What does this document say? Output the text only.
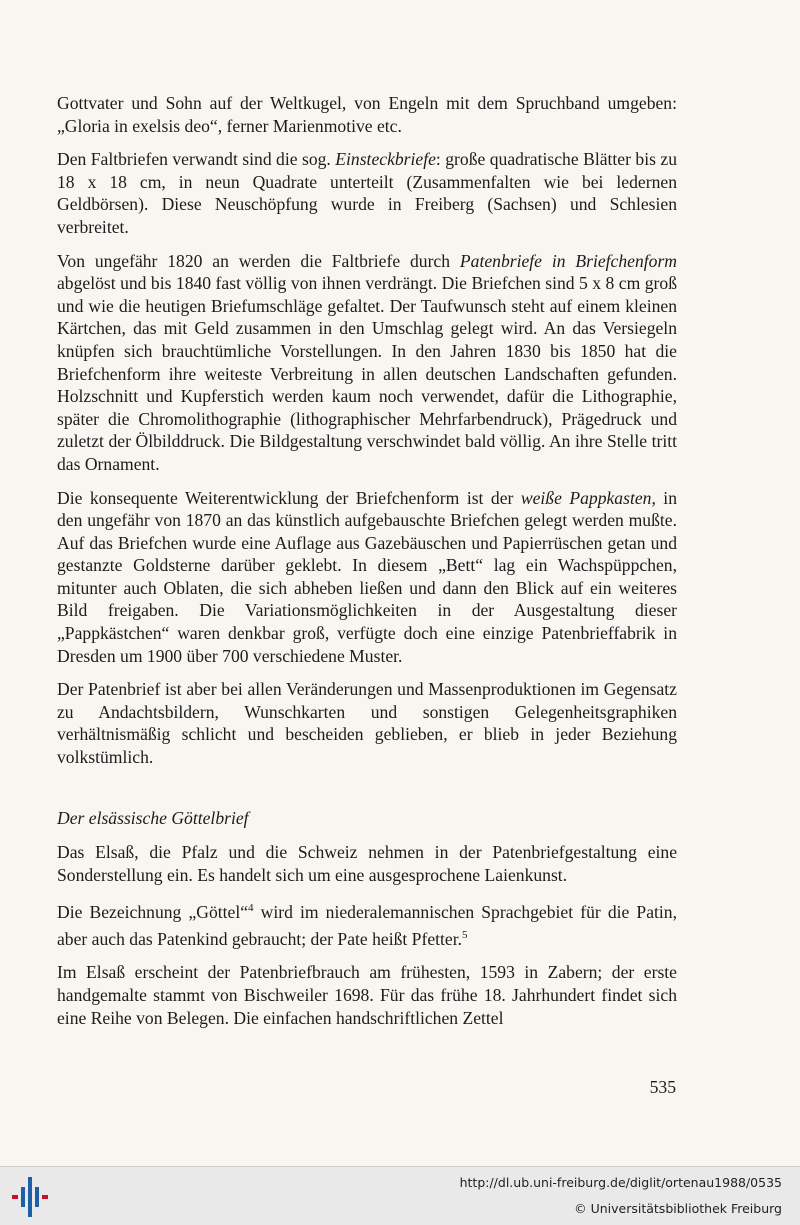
Gottvater und Sohn auf der Weltkugel, von Engeln mit dem Spruchband umgeben: „Gloria in exelsis deo“, ferner Marienmotive etc.

Den Faltbriefen verwandt sind die sog. Einsteckbriefe: große quadratische Blätter bis zu 18 x 18 cm, in neun Quadrate unterteilt (Zusammenfalten wie bei ledernen Geldbörsen). Diese Neuschöpfung wurde in Freiberg (Sachsen) und Schlesien verbreitet.

Von ungefähr 1820 an werden die Faltbriefe durch Patenbriefe in Briefchenform abgelöst und bis 1840 fast völlig von ihnen verdrängt. Die Briefchen sind 5 x 8 cm groß und wie die heutigen Briefumschläge gefaltet. Der Taufwunsch steht auf einem kleinen Kärtchen, das mit Geld zusammen in den Umschlag gelegt wird. An das Versiegeln knüpfen sich brauchtümliche Vorstellungen. In den Jahren 1830 bis 1850 hat die Briefchenform ihre weiteste Verbreitung in allen deutschen Landschaften gefunden. Holzschnitt und Kupferstich werden kaum noch verwendet, dafür die Lithographie, später die Chromolithographie (lithographischer Mehrfarbendruck), Prägedruck und zuletzt der Ölbilddruck. Die Bildgestaltung verschwindet bald völlig. An ihre Stelle tritt das Ornament.

Die konsequente Weiterentwicklung der Briefchenform ist der weiße Pappkasten, in den ungefähr von 1870 an das künstlich aufgebauschte Briefchen gelegt werden mußte. Auf das Briefchen wurde eine Auflage aus Gazebäuschen und Papierrüschen getan und gestanzte Goldsterne darüber geklebt. In diesem „Bett“ lag ein Wachspüppchen, mitunter auch Oblaten, die sich abheben ließen und dann den Blick auf ein weiteres Bild freigaben. Die Variationsmöglichkeiten in der Ausgestaltung dieser „Pappkästchen“ waren denkbar groß, verfügte doch eine einzige Patenbrieffabrik in Dresden um 1900 über 700 verschiedene Muster.

Der Patenbrief ist aber bei allen Veränderungen und Massenproduktionen im Gegensatz zu Andachtsbildern, Wunschkarten und sonstigen Gelegenheitsgraphiken verhältnismäßig schlicht und bescheiden geblieben, er blieb in jeder Beziehung volkstümlich.

Der elsässische Göttelbrief

Das Elsaß, die Pfalz und die Schweiz nehmen in der Patenbriefgestaltung eine Sonderstellung ein. Es handelt sich um eine ausgesprochene Laienkunst.

Die Bezeichnung „Göttel“$^4$ wird im niederalemannischen Sprachgebiet für die Patin, aber auch das Patenkind gebraucht; der Pate heißt Pfetter.$^5$

Im Elsaß erscheint der Patenbriefbrauch am frühesten, 1593 in Zabern; der erste handgemalte stammt von Bischweiler 1698. Für das frühe 18. Jahrhundert findet sich eine Reihe von Belegen. Die einfachen handschriftlichen Zettel

535
http://dl.ub.uni-freiburg.de/diglit/ortenau1988/0535
© Universitätsbibliothek Freiburg
